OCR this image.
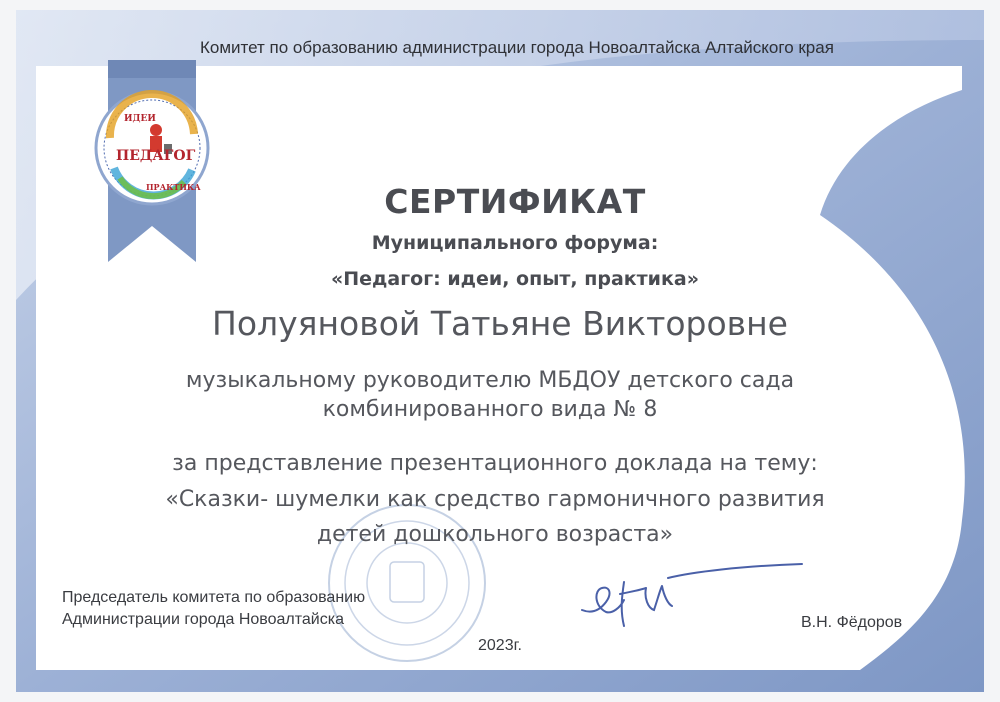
ПЕДАГОГ
ИДЕИ
ПРАКТИКА
Комитет по образованию администрации города Новоалтайска Алтайского края
СЕРТИФИКАТ
Муниципального форума:
«Педагог: идеи, опыт, практика»
Полуяновой Татьяне Викторовне
музыкальному руководителю МБДОУ детского сада
комбинированного вида № 8
за представление презентационного доклада на тему:
«Сказки- шумелки как средство гармоничного развития
детей дошкольного возраста»
Председатель комитета по образованию
Администрации города Новоалтайска
2023г.
В.Н. Фёдоров
